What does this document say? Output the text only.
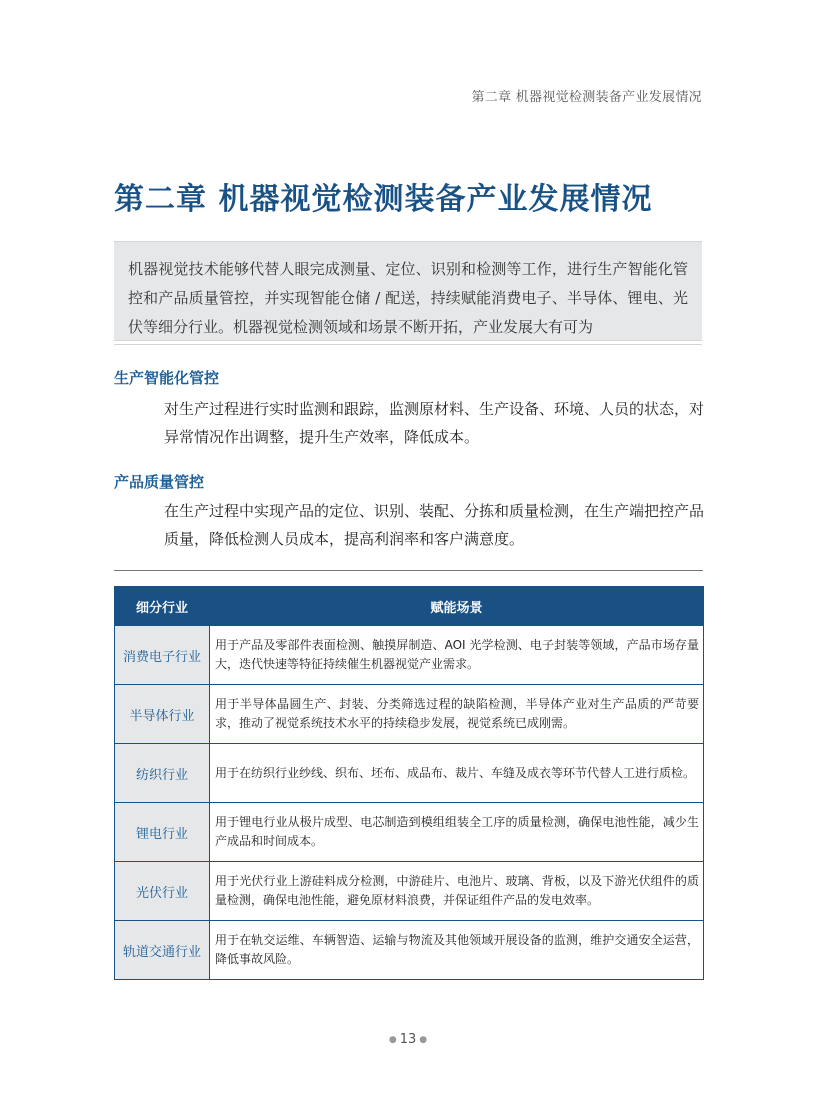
第二章 机器视觉检测装备产业发展情况
第二章 机器视觉检测装备产业发展情况

机器视觉技术能够代替人眼完成测量、定位、识别和检测等工作，进行生产智能化管控和产品质量管控，并实现智能仓储 / 配送，持续赋能消费电子、半导体、锂电、光伏等细分行业。机器视觉检测领域和场景不断开拓，产业发展大有可为

生产智能化管控

对生产过程进行实时监测和跟踪，监测原材料、生产设备、环境、人员的状态，对异常情况作出调整，提升生产效率，降低成本。

产品质量管控

在生产过程中实现产品的定位、识别、装配、分拣和质量检测，在生产端把控产品质量，降低检测人员成本，提高利润率和客户满意度。

细分行业	赋能场景
消费电子行业	用于产品及零部件表面检测、触摸屏制造、AOI 光学检测、电子封装等领域，产品市场存量大，迭代快速等特征持续催生机器视觉产业需求。
半导体行业	用于半导体晶圆生产、封装、分类筛选过程的缺陷检测，半导体产业对生产品质的严苛要求，推动了视觉系统技术水平的持续稳步发展，视觉系统已成刚需。
纺织行业	用于在纺织行业纱线、织布、坯布、成品布、裁片、车缝及成衣等环节代替人工进行质检。
锂电行业	用于锂电行业从极片成型、电芯制造到模组组装全工序的质量检测，确保电池性能，减少生产成品和时间成本。
光伏行业	用于光伏行业上游硅料成分检测，中游硅片、电池片、玻璃、背板，以及下游光伏组件的质量检测，确保电池性能，避免原材料浪费，并保证组件产品的发电效率。
轨道交通行业	用于在轨交运维、车辆智造、运输与物流及其他领域开展设备的监测，维护交通安全运营，降低事故风险。
● 13 ●
